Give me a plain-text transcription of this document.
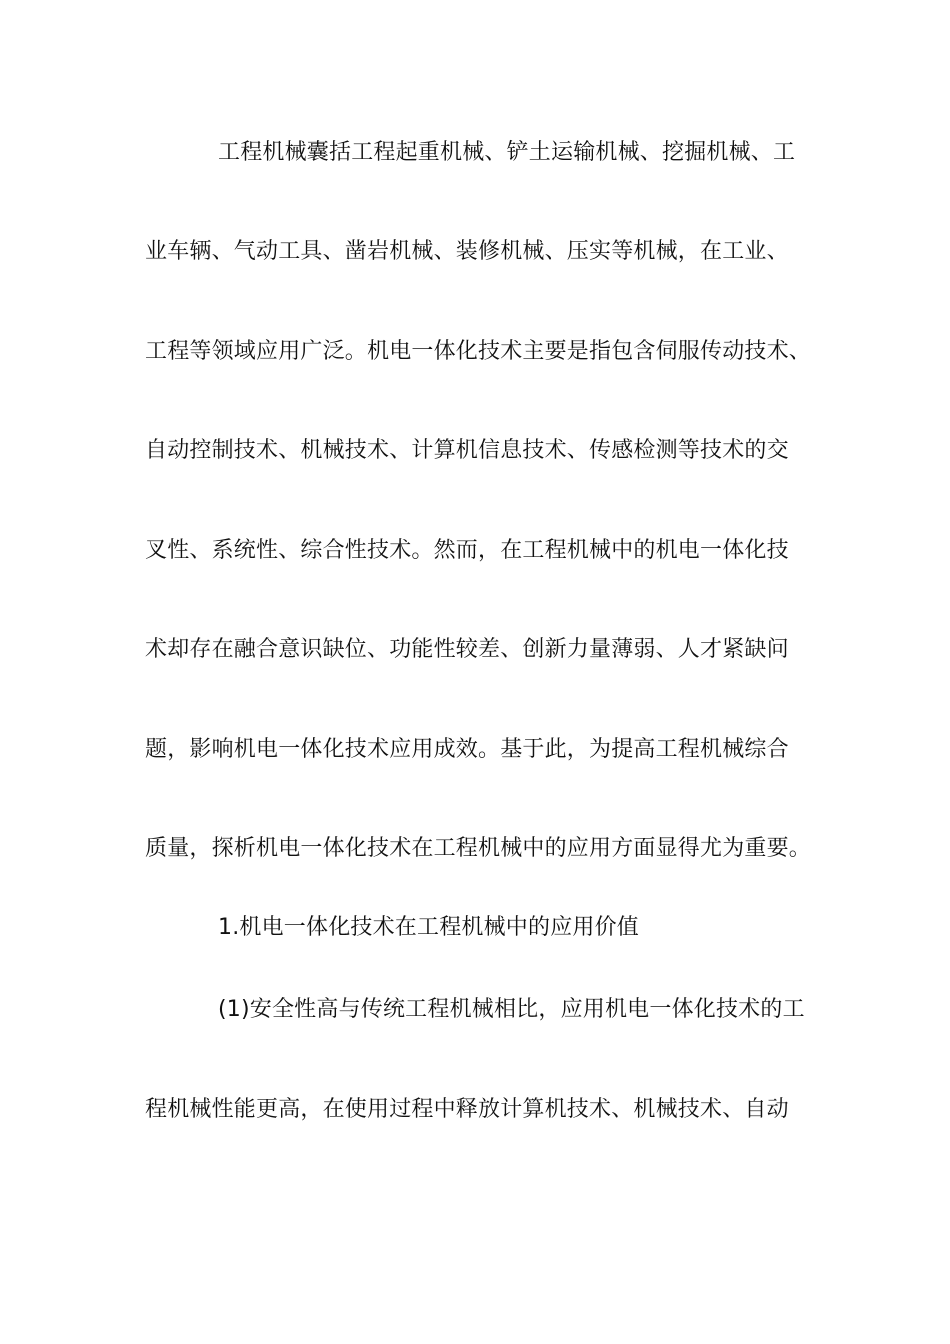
工程机械囊括工程起重机械、铲土运输机械、挖掘机械、工
业车辆、气动工具、凿岩机械、装修机械、压实等机械，在工业、
工程等领域应用广泛。机电一体化技术主要是指包含伺服传动技术、
自动控制技术、机械技术、计算机信息技术、传感检测等技术的交
叉性、系统性、综合性技术。然而，在工程机械中的机电一体化技
术却存在融合意识缺位、功能性较差、创新力量薄弱、人才紧缺问
题，影响机电一体化技术应用成效。基于此，为提高工程机械综合
质量，探析机电一体化技术在工程机械中的应用方面显得尤为重要。
1.机电一体化技术在工程机械中的应用价值
(1)安全性高与传统工程机械相比，应用机电一体化技术的工
程机械性能更高，在使用过程中释放计算机技术、机械技术、自动
